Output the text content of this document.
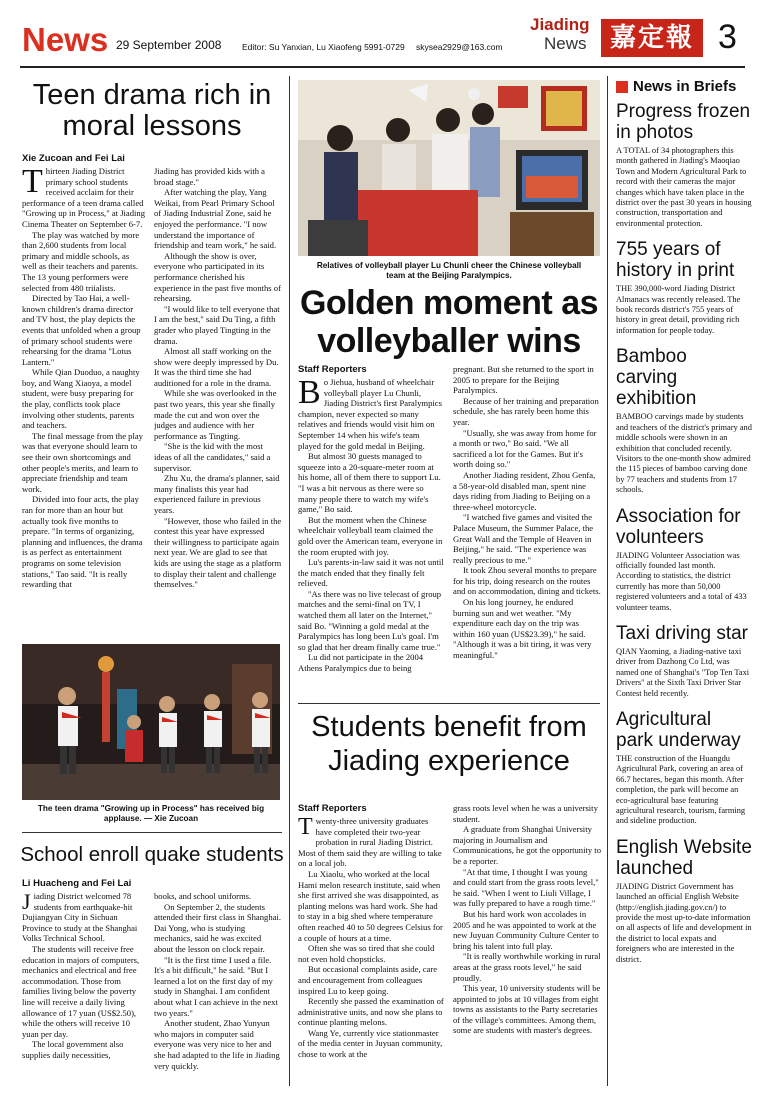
News 29 September 2008 Editor: Su Yanxian, Lu Xiaofeng 5991-0729 skysea2929@163.com
Jiading
News 嘉定報 3
Teen drama rich in
moral lessons
Xie Zucoan and Fei Lai

Thirteen Jiading District primary school students received acclaim for their performance of a teen drama called "Growing up in Process," at Jiading Cinema Theater on September 6-7.

The play was watched by more than 2,600 students from local primary and middle schools, as well as their teachers and parents. The 13 young performers were selected from 480 triialists.

Directed by Tao Hai, a well-known children's drama director and TV host, the play depicts the events that unfolded when a group of primary school students were rehearsing for the drama "Lotus Lantern."

While Qian Duoduo, a naughty boy, and Wang Xiaoya, a model student, were busy preparing for the play, conflicts took place involving other students, parents and teachers.

The final message from the play was that everyone should learn to see their own shortcomings and other people's merits, and learn to appreciate friendship and team work.

Divided into four acts, the play ran for more than an hour but actually took five months to prepare. "In terms of organizing, planning and influences, the drama is as perfect as entertainment programs on some television stations," Tao said. "It is really rewarding that

Jiading has provided kids with a broad stage."

After watching the play, Yang Weikai, from Pearl Primary School of Jiading Industrial Zone, said he enjoyed the performance. "I now understand the importance of friendship and team work," he said.

Although the show is over, everyone who participated in its performance cherished his experience in the past five months of rehearsing.

"I would like to tell everyone that I am the best," said Du Ting, a fifth grader who played Tingting in the drama.

Almost all staff working on the show were deeply impressed by Du. It was the third time she had auditioned for a role in the drama.

While she was overlooked in the past two years, this year she finally made the cut and won over the judges and audience with her performance as Tingting.

"She is the kid with the most ideas of all the candidates," said a supervisor.

Zhu Xu, the drama's planner, said many finalists this year had experienced failure in previous years.

"However, those who failed in the contest this year have expressed their willingness to participate again next year. We are glad to see that kids are using the stage as a platform to display their talent and challenge themselves."

The teen drama "Growing up in Process" has received big applause. — Xie Zucoan
School enroll quake students
Li Huacheng and Fei Lai

Jiading District welcomed 78 students from earthquake-hit Dujiangyan City in Sichuan Province to study at the Shanghai Volks Technical School.

The students will receive free education in majors of computers, mechanics and electrical and free accommodation. Those from families living below the poverty line will receive a daily living allowance of 17 yuan (US$2.50), while the others will receive 10 yuan per day.

The local government also supplies daily necessities,

books, and school uniforms.

On September 2, the students attended their first class in Shanghai. Dai Yong, who is studying mechanics, said he was excited about the lesson on clock repair.

"It is the first time I used a file. It's a bit difficult," he said. "But I learned a lot on the first day of my study in Shanghai. I am confident about what I can achieve in the next two years."

Another student, Zhao Yunyun who majors in computer said everyone was very nice to her and she had adapted to the life in Jiading very quickly.

Relatives of volleyball player Lu Chunli cheer the Chinese volleyball
team at the Beijing Paralympics.
Golden moment as
volleyballer wins
Staff Reporters

Bo Jiehua, husband of wheelchair volleyball player Lu Chunli, Jiading District's first Paralympics champion, never expected so many relatives and friends would visit him on September 14 when his wife's team played for the gold medal in Beijing.

But almost 30 guests managed to squeeze into a 20-square-meter room at his home, all of them there to support Lu. "I was a bit nervous as there were so many people there to watch my wife's game," Bo said.

But the moment when the Chinese wheelchair volleyball team claimed the gold over the American team, everyone in the room erupted with joy.

Lu's parents-in-law said it was not until the match ended that they finally felt relieved.

"As there was no live telecast of group matches and the semi-final on TV, I watched them all later on the Internet," said Bo. "Winning a gold medal at the Paralympics has long been Lu's goal. I'm so glad that her dream finally came true."

Lu did not participate in the 2004 Athens Paralympics due to being

pregnant. But she returned to the sport in 2005 to prepare for the Beijing Paralympics.

Because of her training and preparation schedule, she has rarely been home this year.

"Usually, she was away from home for a month or two," Bo said. "We all sacrificed a lot for the Games. But it's worth doing so."

Another Jiading resident, Zhou Genfa, a 58-year-old disabled man, spent nine days riding from Jiading to Beijing on a three-wheel motorcycle.

"I watched five games and visited the Palace Museum, the Summer Palace, the Great Wall and the Temple of Heaven in Beijing," he said. "The experience was really precious to me."

It took Zhou several months to prepare for his trip, doing research on the routes and on accommodation, dining and tickets.

On his long journey, he endured burning sun and wet weather. "My expenditure each day on the trip was within 160 yuan (US$23.39)," he said. "Although it was a bit tiring, it was very meaningful."

Students benefit from
Jiading experience
Staff Reporters

Twenty-three university graduates have completed their two-year probation in rural Jiading District. Most of them said they are willing to take on a local job.

Lu Xiaolu, who worked at the local Hami melon research institute, said when she first arrived she was disappointed, as planting melons was hard work. She had to stay in a big shed where temperature often reached 40 to 50 degrees Celsius for a couple of hours at a time.

Often she was so tired that she could not even hold chopsticks.

But occasional complaints aside, care and encouragement from colleagues inspired Lu to keep going.

Recently she passed the examination of administrative units, and now she plans to continue planting melons.

Wang Ye, currently vice stationmaster of the media center in Juyuan community, chose to work at the

grass roots level when he was a university student.

A graduate from Shanghai University majoring in Journalism and Communications, he got the opportunity to be a reporter.

"At that time, I thought I was young and could start from the grass roots level," he said. "When I went to Liuli Village, I was fully prepared to have a rough time."

But his hard work won accolades in 2005 and he was appointed to work at the new Juyuan Community Culture Center to bring his talent into full play.

"It is really worthwhile working in rural areas at the grass roots level," he said proudly.

This year, 10 university students will be appointed to jobs at 10 villages from eight towns as assistants to the Party secretaries of the village's committees. Among them, some are students with master's degrees.

News in Briefs

Progress frozen in photos

A TOTAL of 34 photographers this month gathered in Jiading's Maoqiao Town and Modern Agricultural Park to record with their cameras the major changes which have taken place in the district over the past 30 years in housing construction, transportation and environmental protection.

755 years of history in print

THE 390,000-word Jiading District Almanacs was recently released. The book records district's 755 years of history in great detail, providing rich information for people today.

Bamboo carving exhibition

BAMBOO carvings made by students and teachers of the district's primary and middle schools were shown in an exhibition that concluded recently. Visitors to the one-month show admired the 115 pieces of bamboo carving done by 77 teachers and students from 17 schools.

Association for volunteers

JIADING Volunteer Association was officially founded last month. According to statistics, the district currently has more than 50,000 registered volunteers and a total of 433 volunteer teams.

Taxi driving star

QIAN Yaoming, a Jiading-native taxi driver from Dazhong Co Ltd, was named one of Shanghai's "Top Ten Taxi Drivers" at the Sixth Taxi Driver Star Contest held recently.

Agricultural park underway

THE construction of the Huangdu Agricultural Park, covering an area of 66.7 hectares, began this month. After completion, the park will become an eco-agricultural base featuring agricultural research, tourism, farming and sideline production.

English Website launched

JIADING District Government has launched an official English Website (http://english.jiading.gov.cn/) to provide the most up-to-date information on all aspects of life and development in the district to local expats and foreigners who are interested in the district.
